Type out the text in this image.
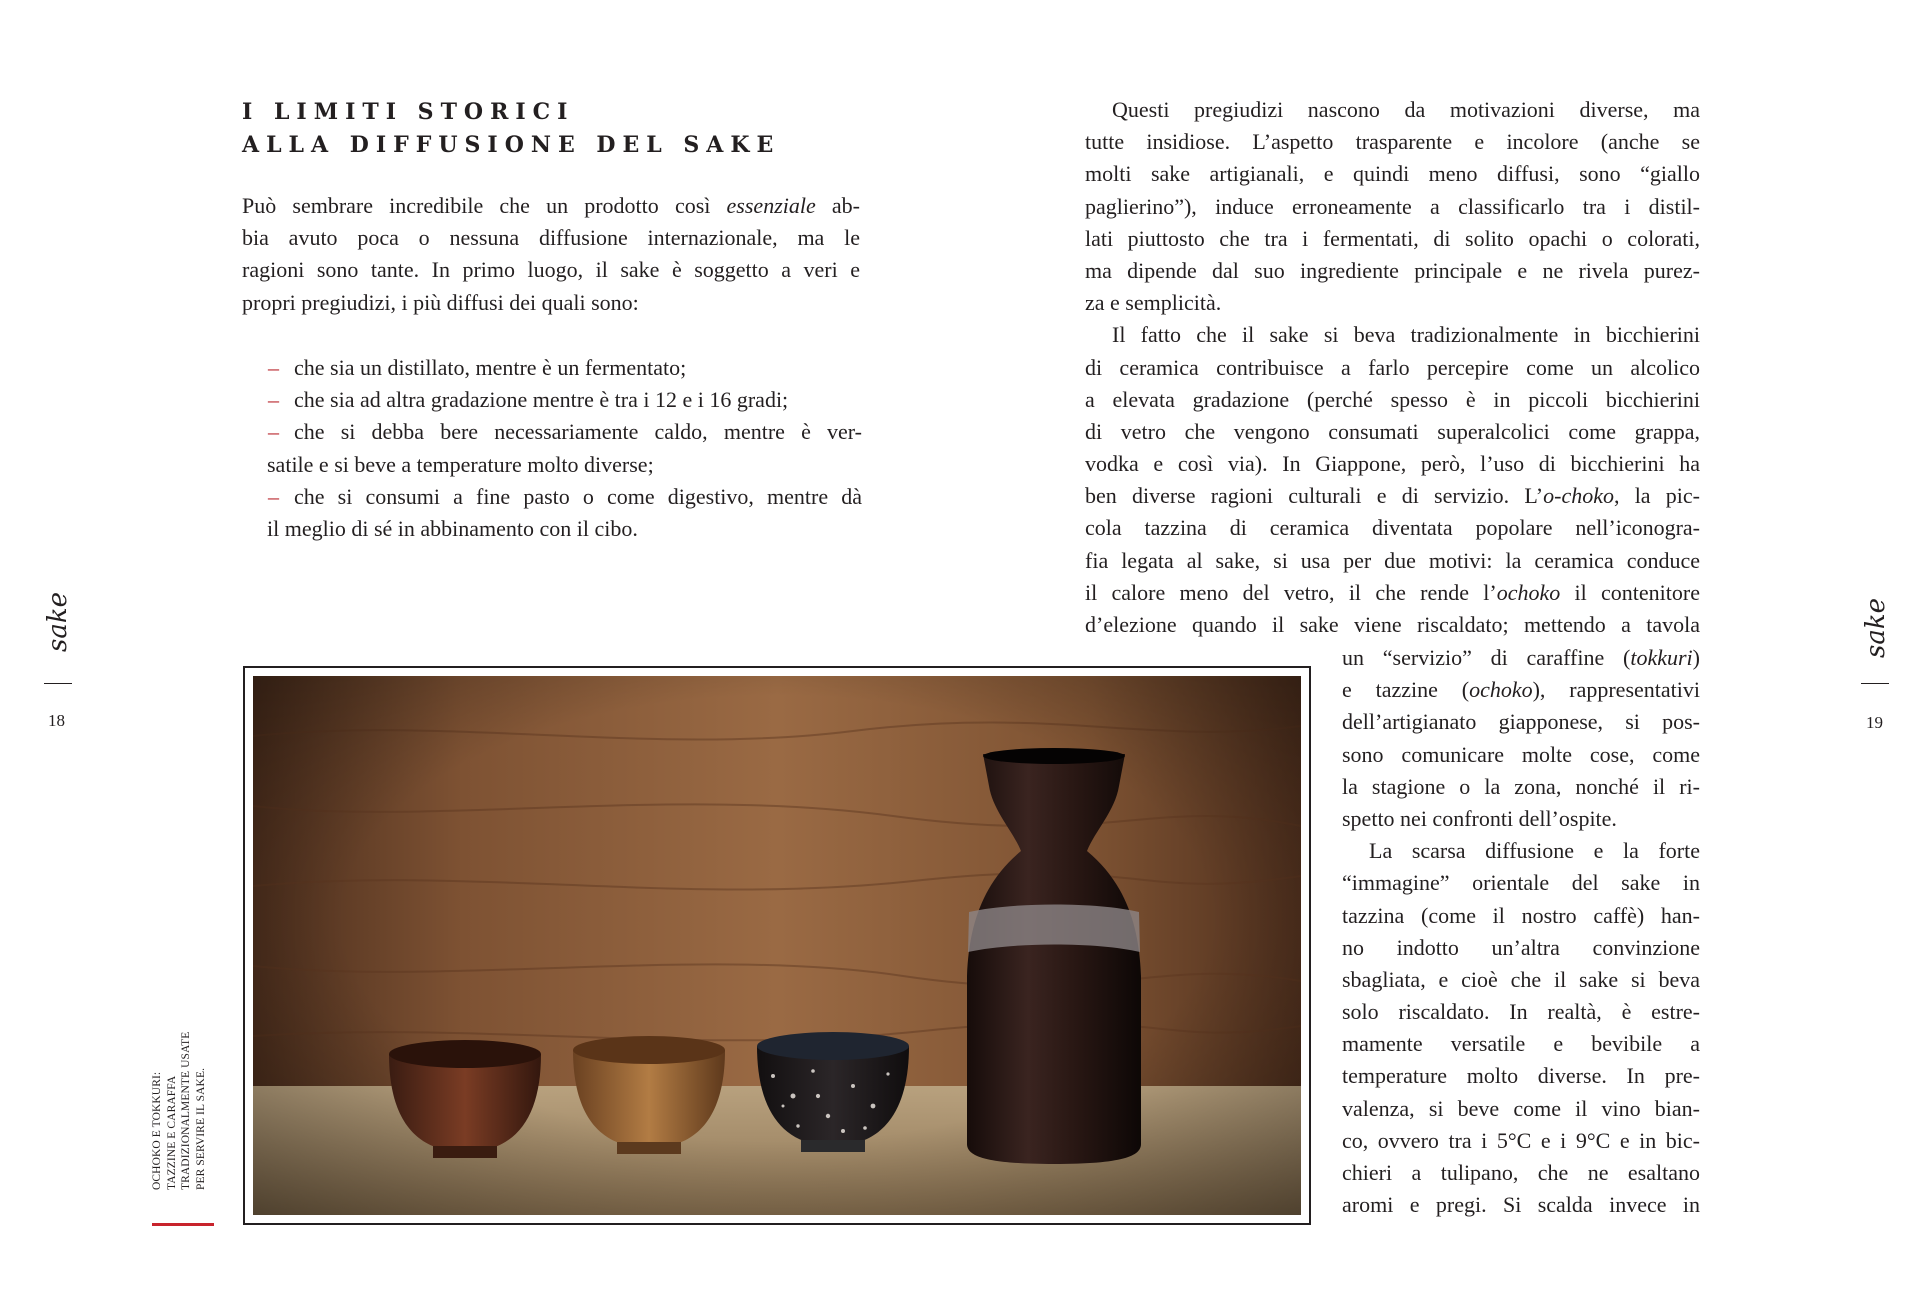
I LIMITI STORICI
ALLA DIFFUSIONE DEL SAKE
Può sembrare incredibile che un prodotto così essenziale ab-
bia avuto poca o nessuna diffusione internazionale, ma le
ragioni sono tante. In primo luogo, il sake è soggetto a veri e
propri pregiudizi, i più diffusi dei quali sono:
– che sia un distillato, mentre è un fermentato;
– che sia ad altra gradazione mentre è tra i 12 e i 16 gradi;
– che si debba bere necessariamente caldo, mentre è ver-
satile e si beve a temperature molto diverse;
– che si consumi a fine pasto o come digestivo, mentre dà
il meglio di sé in abbinamento con il cibo.
Questi pregiudizi nascono da motivazioni diverse, ma
tutte insidiose. L’aspetto trasparente e incolore (anche se
molti sake artigianali, e quindi meno diffusi, sono “giallo
paglierino”), induce erroneamente a classificarlo tra i distil-
lati piuttosto che tra i fermentati, di solito opachi o colorati,
ma dipende dal suo ingrediente principale e ne rivela purez-
za e semplicità.
Il fatto che il sake si beva tradizionalmente in bicchierini
di ceramica contribuisce a farlo percepire come un alcolico
a elevata gradazione (perché spesso è in piccoli bicchierini
di vetro che vengono consumati superalcolici come grappa,
vodka e così via). In Giappone, però, l’uso di bicchierini ha
ben diverse ragioni culturali e di servizio. L’o-choko, la pic-
cola tazzina di ceramica diventata popolare nell’iconogra-
fia legata al sake, si usa per due motivi: la ceramica conduce
il calore meno del vetro, il che rende l’ochoko il contenitore
d’elezione quando il sake viene riscaldato; mettendo a tavola
un “servizio” di caraffine (tokkuri)
e tazzine (ochoko), rappresentativi
dell’artigianato giapponese, si pos-
sono comunicare molte cose, come
la stagione o la zona, nonché il ri-
spetto nei confronti dell’ospite.
La scarsa diffusione e la forte
“immagine” orientale del sake in
tazzina (come il nostro caffè) han-
no indotto un’altra convinzione
sbagliata, e cioè che il sake si beva
solo riscaldato. In realtà, è estre-
mamente versatile e bevibile a
temperature molto diverse. In pre-
valenza, si beve come il vino bian-
co, ovvero tra i 5°C e i 9°C e in bic-
chieri a tulipano, che ne esaltano
aromi e pregi. Si scalda invece in
sake
18
sake
19
OCHOKO E TOKKURI: TAZZINE E CARAFFA TRADIZIONALMENTE USATE PER SERVIRE IL SAKE.
